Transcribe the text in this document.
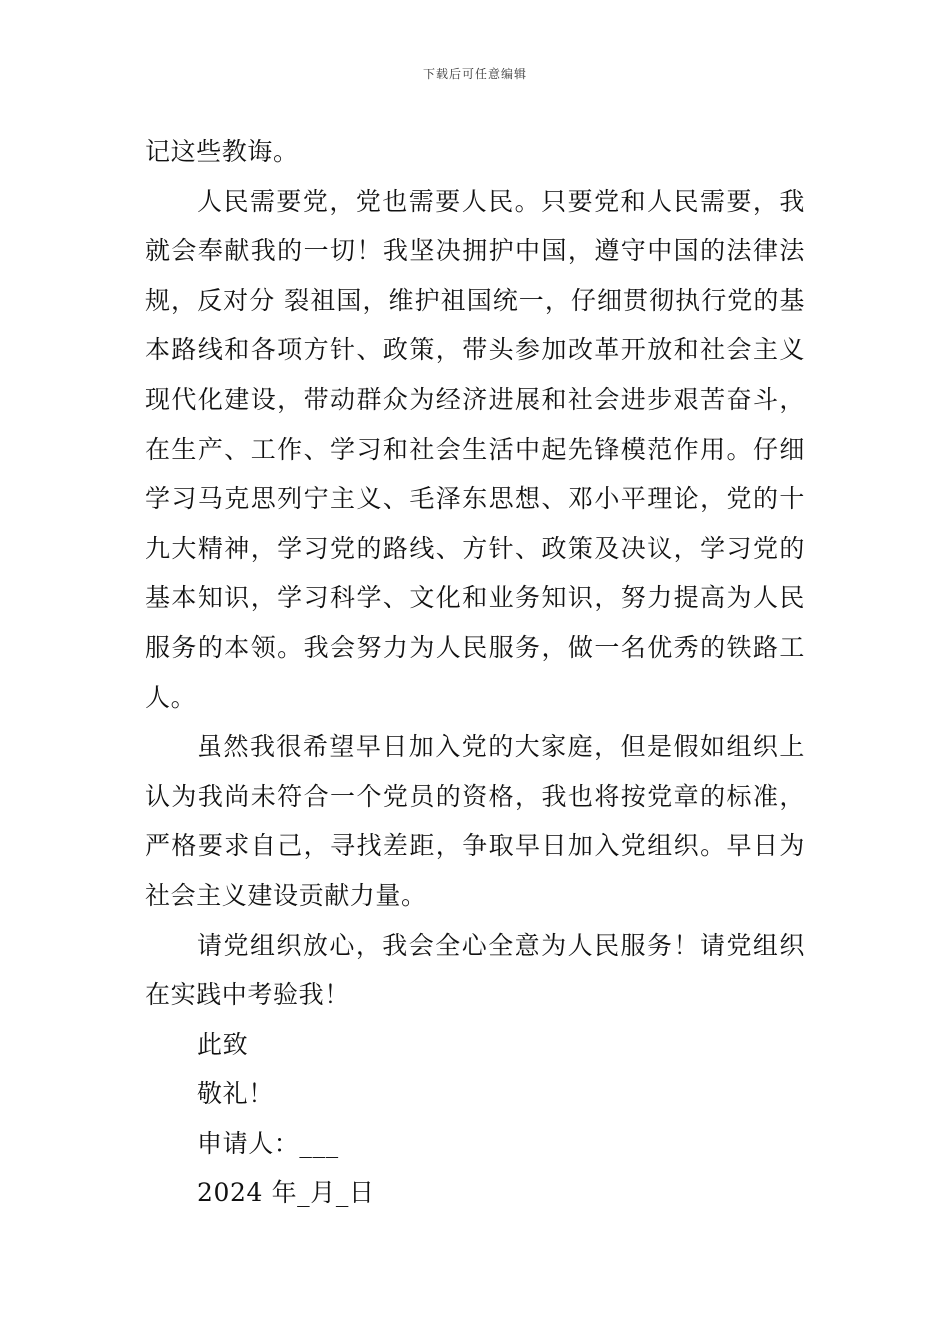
下载后可任意编辑

记这些教诲。

人民需要党，党也需要人民。只要党和人民需要，我就会奉献我的一切！我坚决拥护中国，遵守中国的法律法规，反对分 裂祖国，维护祖国统一，仔细贯彻执行党的基本路线和各项方针、政策，带头参加改革开放和社会主义现代化建设，带动群众为经济进展和社会进步艰苦奋斗，在生产、工作、学习和社会生活中起先锋模范作用。仔细学习马克思列宁主义、毛泽东思想、邓小平理论，党的十九大精神，学习党的路线、方针、政策及决议，学习党的基本知识，学习科学、文化和业务知识，努力提高为人民服务的本领。我会努力为人民服务，做一名优秀的铁路工人。

虽然我很希望早日加入党的大家庭，但是假如组织上认为我尚未符合一个党员的资格，我也将按党章的标准，严格要求自己，寻找差距，争取早日加入党组织。早日为社会主义建设贡献力量。

请党组织放心，我会全心全意为人民服务！请党组织在实践中考验我！

此致

敬礼！

申请人：___

2024 年_月_日
